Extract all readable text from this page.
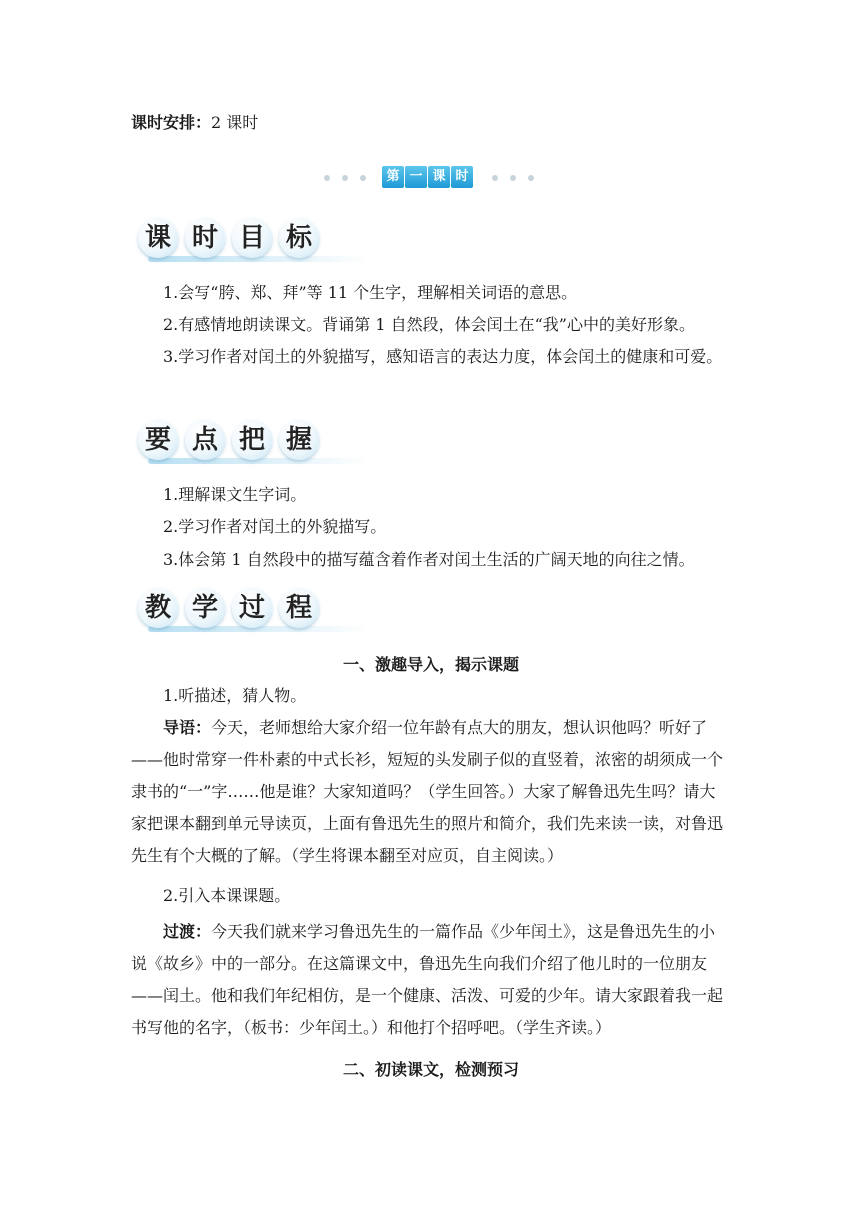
课时安排：2 课时
第 一 课 时
课 时 目 标

1.会写“胯、郑、拜”等 11 个生字，理解相关词语的意思。

2.有感情地朗读课文。背诵第 1 自然段，体会闰土在“我”心中的美好形象。

3.学习作者对闰土的外貌描写，感知语言的表达力度，体会闰土的健康和可爱。

要 点 把 握

1.理解课文生字词。

2.学习作者对闰土的外貌描写。

3.体会第 1 自然段中的描写蕴含着作者对闰土生活的广阔天地的向往之情。

教 学 过 程
一、激趣导入，揭示课题

1.听描述，猜人物。

导语：今天，老师想给大家介绍一位年龄有点大的朋友，想认识他吗？听好了——他时常穿一件朴素的中式长衫，短短的头发刷子似的直竖着，浓密的胡须成一个隶书的“一”字……他是谁？大家知道吗？（学生回答。）大家了解鲁迅先生吗？请大家把课本翻到单元导读页，上面有鲁迅先生的照片和简介，我们先来读一读，对鲁迅先生有个大概的了解。（学生将课本翻至对应页，自主阅读。）

2.引入本课课题。

过渡：今天我们就来学习鲁迅先生的一篇作品《少年闰土》，这是鲁迅先生的小说《故乡》中的一部分。在这篇课文中，鲁迅先生向我们介绍了他儿时的一位朋友——闰土。他和我们年纪相仿，是一个健康、活泼、可爱的少年。请大家跟着我一起书写他的名字，（板书：少年闰土。）和他打个招呼吧。（学生齐读。）

二、初读课文，检测预习
